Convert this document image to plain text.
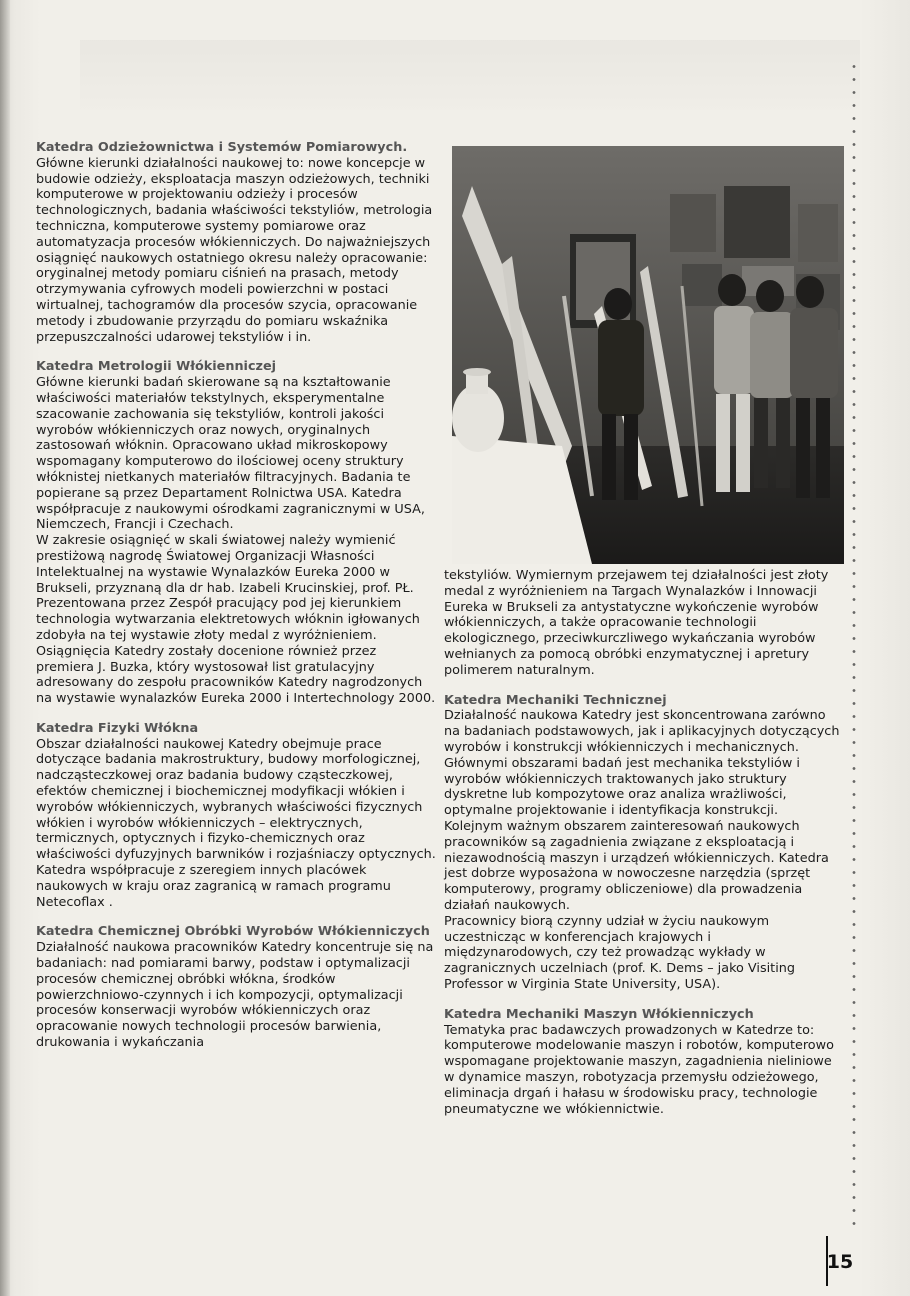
Katedra Odzieżownictwa i Systemów Pomiarowych.

Główne kierunki działalności naukowej to: nowe koncepcje w budowie odzieży, eksploatacja maszyn odzieżowych, techniki komputerowe w projektowaniu odzieży i procesów technologicznych, badania właściwości tekstyliów, metrologia techniczna, komputerowe systemy pomiarowe oraz automatyzacja procesów włókienniczych. Do najważniejszych osiągnięć naukowych ostatniego okresu należy opracowanie: oryginalnej metody pomiaru ciśnień na prasach, metody otrzymywania cyfrowych modeli powierzchni w postaci wirtualnej, tachogramów dla procesów szycia, opracowanie metody i zbudowanie przyrządu do pomiaru wskaźnika przepuszczalności udarowej tekstyliów i in.

Katedra Metrologii Włókienniczej

Główne kierunki badań skierowane są na kształtowanie właściwości materiałów tekstylnych, eksperymentalne szacowanie zachowania się tekstyliów, kontroli jakości wyrobów włókienniczych oraz nowych, oryginalnych zastosowań włóknin. Opracowano układ mikroskopowy wspomagany komputerowo do ilościowej oceny struktury włóknistej nietkanych materiałów filtracyjnych. Badania te popierane są przez Departament Rolnictwa USA. Katedra współpracuje z naukowymi ośrodkami zagranicznymi w USA, Niemczech, Francji i Czechach.

W zakresie osiągnięć w skali światowej należy wymienić prestiżową nagrodę Światowej Organizacji Własności Intelektualnej na wystawie Wynalazków Eureka 2000 w Brukseli, przyznaną dla dr hab. Izabeli Krucinskiej, prof. PŁ. Prezentowana przez Zespół pracujący pod jej kierunkiem technologia wytwarzania elektretowych włóknin igłowanych zdobyła na tej wystawie złoty medal z wyróżnieniem. Osiągnięcia Katedry zostały docenione również przez premiera J. Buzka, który wystosował list gratulacyjny adresowany do zespołu pracowników Katedry nagrodzonych na wystawie wynalazków Eureka 2000 i Intertechnology 2000.

Katedra Fizyki Włókna

Obszar działalności naukowej Katedry obejmuje prace dotyczące badania makrostruktury, budowy morfologicznej, nadcząsteczkowej oraz badania budowy cząsteczkowej, efektów chemicznej i biochemicznej modyfikacji włókien i wyrobów włókienniczych, wybranych właściwości fizycznych włókien i wyrobów włókienniczych – elektrycznych, termicznych, optycznych i fizyko-chemicznych oraz właściwości dyfuzyjnych barwników i rozjaśniaczy optycznych.

Katedra współpracuje z szeregiem innych placówek naukowych w kraju oraz zagranicą w ramach programu Netecoflax .

Katedra Chemicznej Obróbki Wyrobów Włókienniczych

Działalność naukowa pracowników Katedry koncentruje się na badaniach: nad pomiarami barwy, podstaw i optymalizacji procesów chemicznej obróbki włókna, środków powierzchniowo-czynnych i ich kompozycji, optymalizacji procesów konserwacji wyrobów włókienniczych oraz opracowanie nowych technologii procesów barwienia, drukowania i wykańczania

tekstyliów. Wymiernym przejawem tej działalności jest złoty medal z wyróżnieniem na Targach Wynalazków i Innowacji Eureka w Brukseli za antystatyczne wykończenie wyrobów włókienniczych, a także opracowanie technologii ekologicznego, przeciwkurczliwego wykańczania wyrobów wełnianych za pomocą obróbki enzymatycznej i apretury polimerem naturalnym.

Katedra Mechaniki Technicznej

Działalność naukowa Katedry jest skoncentrowana zarówno na badaniach podstawowych, jak i aplikacyjnych dotyczących wyrobów i konstrukcji włókienniczych i mechanicznych. Głównymi obszarami badań jest mechanika tekstyliów i wyrobów włókienniczych traktowanych jako struktury dyskretne lub kompozytowe oraz analiza wrażliwości, optymalne projektowanie i identyfikacja konstrukcji. Kolejnym ważnym obszarem zainteresowań naukowych pracowników są zagadnienia związane z eksploatacją i niezawodnością maszyn i urządzeń włókienniczych. Katedra jest dobrze wyposażona w nowoczesne narzędzia (sprzęt komputerowy, programy obliczeniowe) dla prowadzenia działań naukowych.

Pracownicy biorą czynny udział w życiu naukowym uczestnicząc w konferencjach krajowych i międzynarodowych, czy też prowadząc wykłady w zagranicznych uczelniach (prof. K. Dems – jako Visiting Professor w Virginia State University, USA).

Katedra Mechaniki Maszyn Włókienniczych

Tematyka prac badawczych prowadzonych w Katedrze to: komputerowe modelowanie maszyn i robotów, komputerowo wspomagane projektowanie maszyn, zagadnienia nieliniowe w dynamice maszyn, robotyzacja przemysłu odzieżowego, eliminacja drgań i hałasu w środowisku pracy, technologie pneumatyczne we włókiennictwie.

15
